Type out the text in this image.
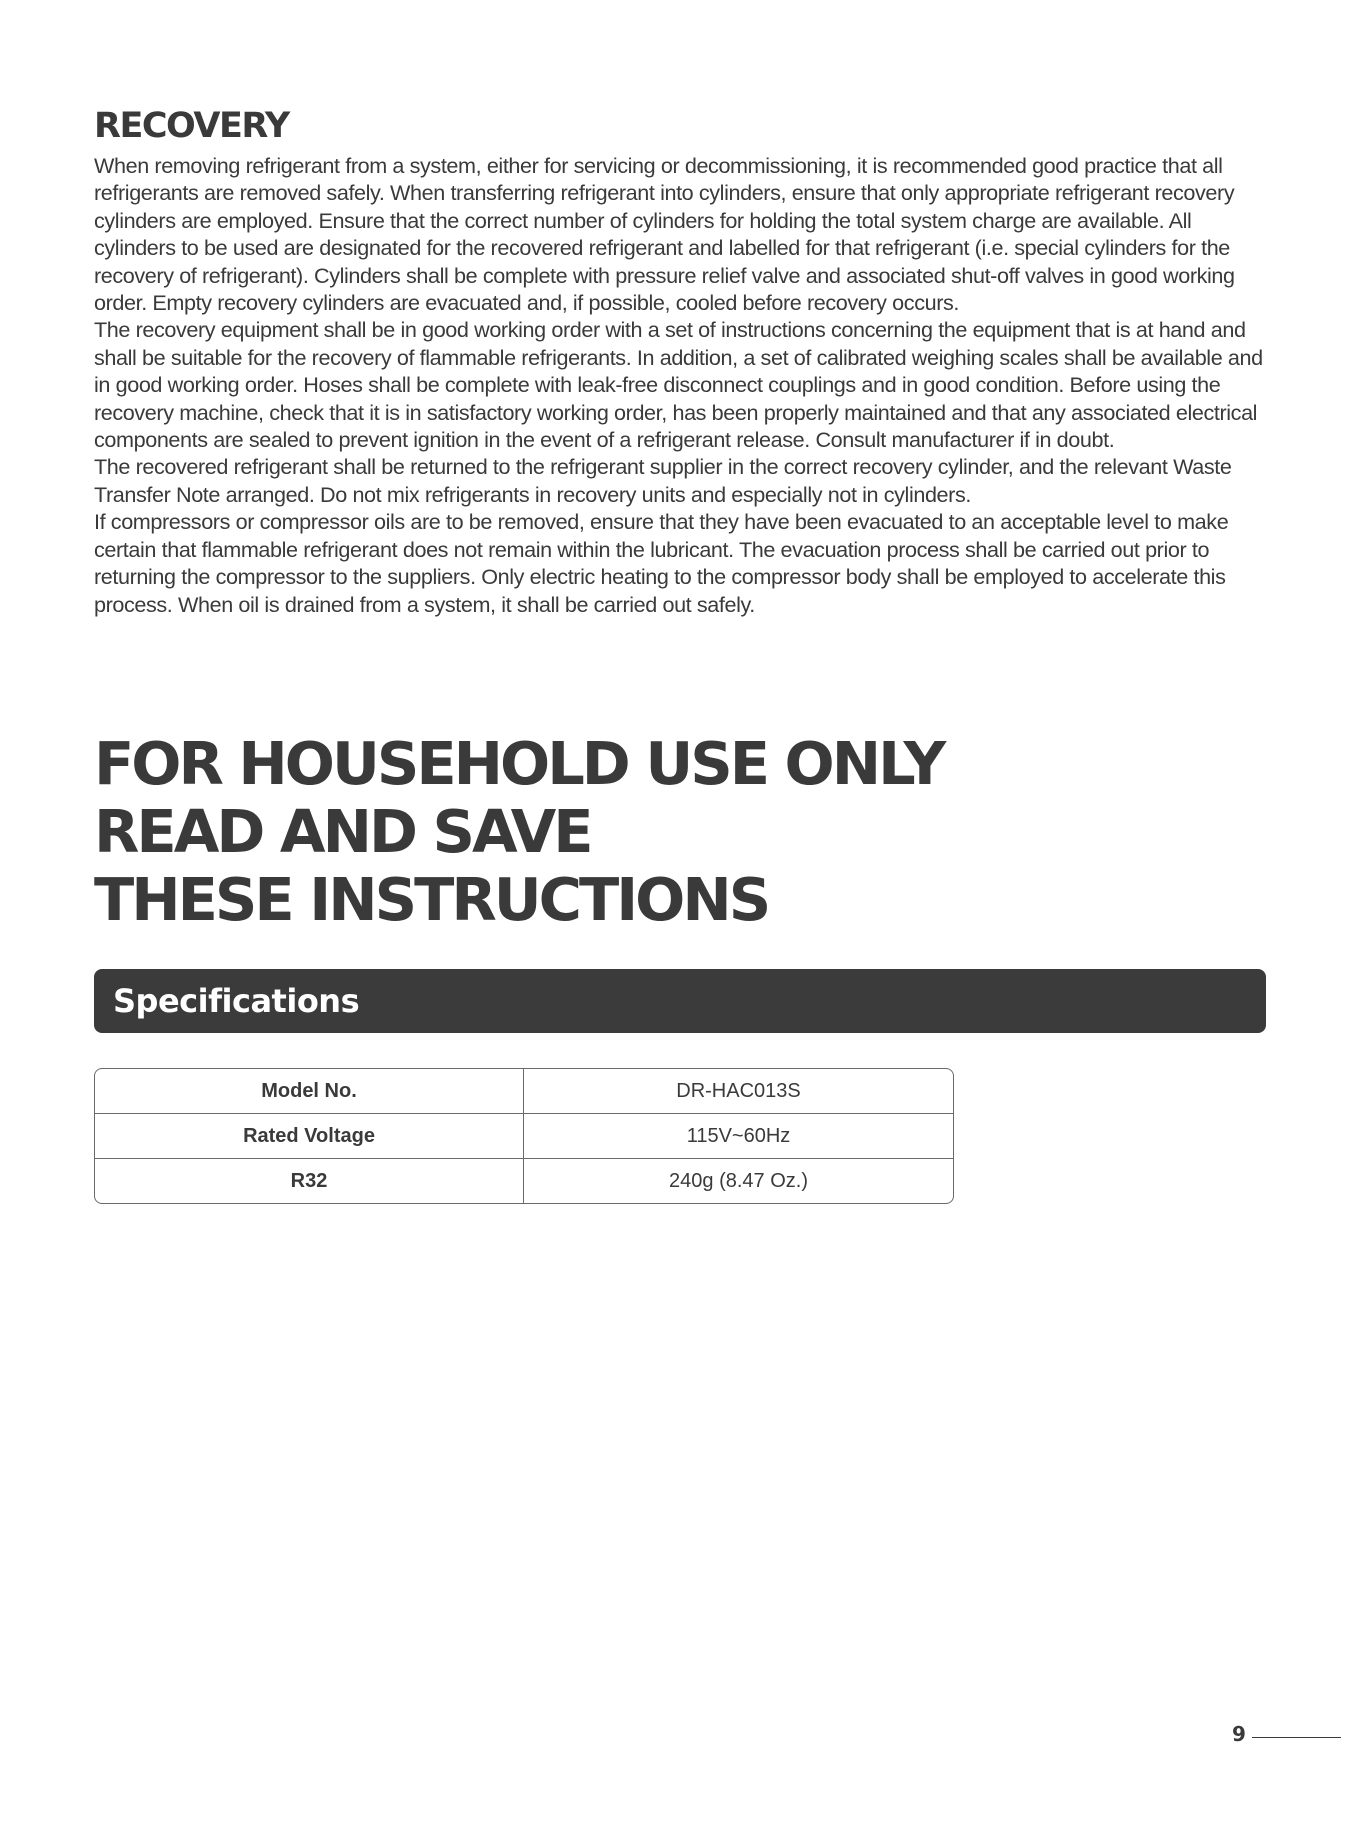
RECOVERY

When removing refrigerant from a system, either for servicing or decommissioning, it is recommended good practice that all refrigerants are removed safely. When transferring refrigerant into cylinders, ensure that only appropriate refrigerant recovery cylinders are employed. Ensure that the correct number of cylinders for holding the total system charge are available. All cylinders to be used are designated for the recovered refrigerant and labelled for that refrigerant (i.e. special cylinders for the recovery of refrigerant). Cylinders shall be complete with pressure relief valve and associated shut-off valves in good working order. Empty recovery cylinders are evacuated and, if possible, cooled before recovery occurs.

The recovery equipment shall be in good working order with a set of instructions concerning the equipment that is at hand and shall be suitable for the recovery of flammable refrigerants. In addition, a set of calibrated weighing scales shall be available and in good working order. Hoses shall be complete with leak-free disconnect couplings and in good condition. Before using the recovery machine, check that it is in satisfactory working order, has been properly maintained and that any associated electrical components are sealed to prevent ignition in the event of a refrigerant release. Consult manufacturer if in doubt.

The recovered refrigerant shall be returned to the refrigerant supplier in the correct recovery cylinder, and the relevant Waste Transfer Note arranged. Do not mix refrigerants in recovery units and especially not in cylinders.

If compressors or compressor oils are to be removed, ensure that they have been evacuated to an acceptable level to make certain that flammable refrigerant does not remain within the lubricant. The evacuation process shall be carried out prior to returning the compressor to the suppliers. Only electric heating to the compressor body shall be employed to accelerate this process. When oil is drained from a system, it shall be carried out safely.

FOR HOUSEHOLD USE ONLY
READ AND SAVE
THESE INSTRUCTIONS
Specifications
Model No.	DR-HAC013S
Rated Voltage	115V~60Hz
R32	240g (8.47 Oz.)
9
